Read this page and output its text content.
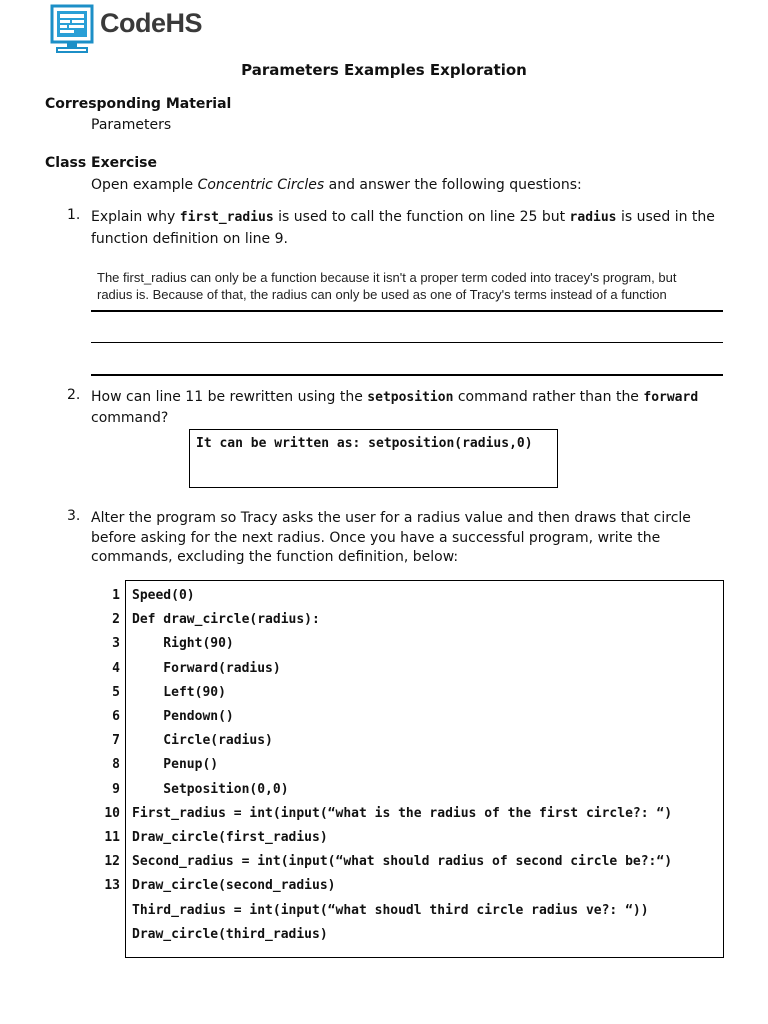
CodeHS
Parameters Examples Exploration
Corresponding Material
Parameters
Class Exercise
Open example Concentric Circles and answer the following questions:
1. Explain why first_radius is used to call the function on line 25 but radius is used in the
function definition on line 9.
The first_radius can only be a function because it isn't a proper term coded into tracey's program, but
radius is. Because of that, the radius can only be used as one of Tracy's terms instead of a function
2. How can line 11 be rewritten using the setposition command rather than the forward
command?
It can be written as: setposition(radius,0)
3. Alter the program so Tracy asks the user for a radius value and then draws that circle
before asking for the next radius. Once you have a successful program, write the
commands, excluding the function definition, below:
1 Speed(0)
2 Def draw_circle(radius):
3 Right(90)
4 Forward(radius)
5 Left(90)
6 Pendown()
7 Circle(radius)
8 Penup()
9 Setposition(0,0)
10 First_radius = int(input(“what is the radius of the first circle?: “)
11 Draw_circle(first_radius)
12 Second_radius = int(input(“what should radius of second circle be?:“)
13 Draw_circle(second_radius)
Third_radius = int(input(“what shoudl third circle radius ve?: “))
Draw_circle(third_radius)
